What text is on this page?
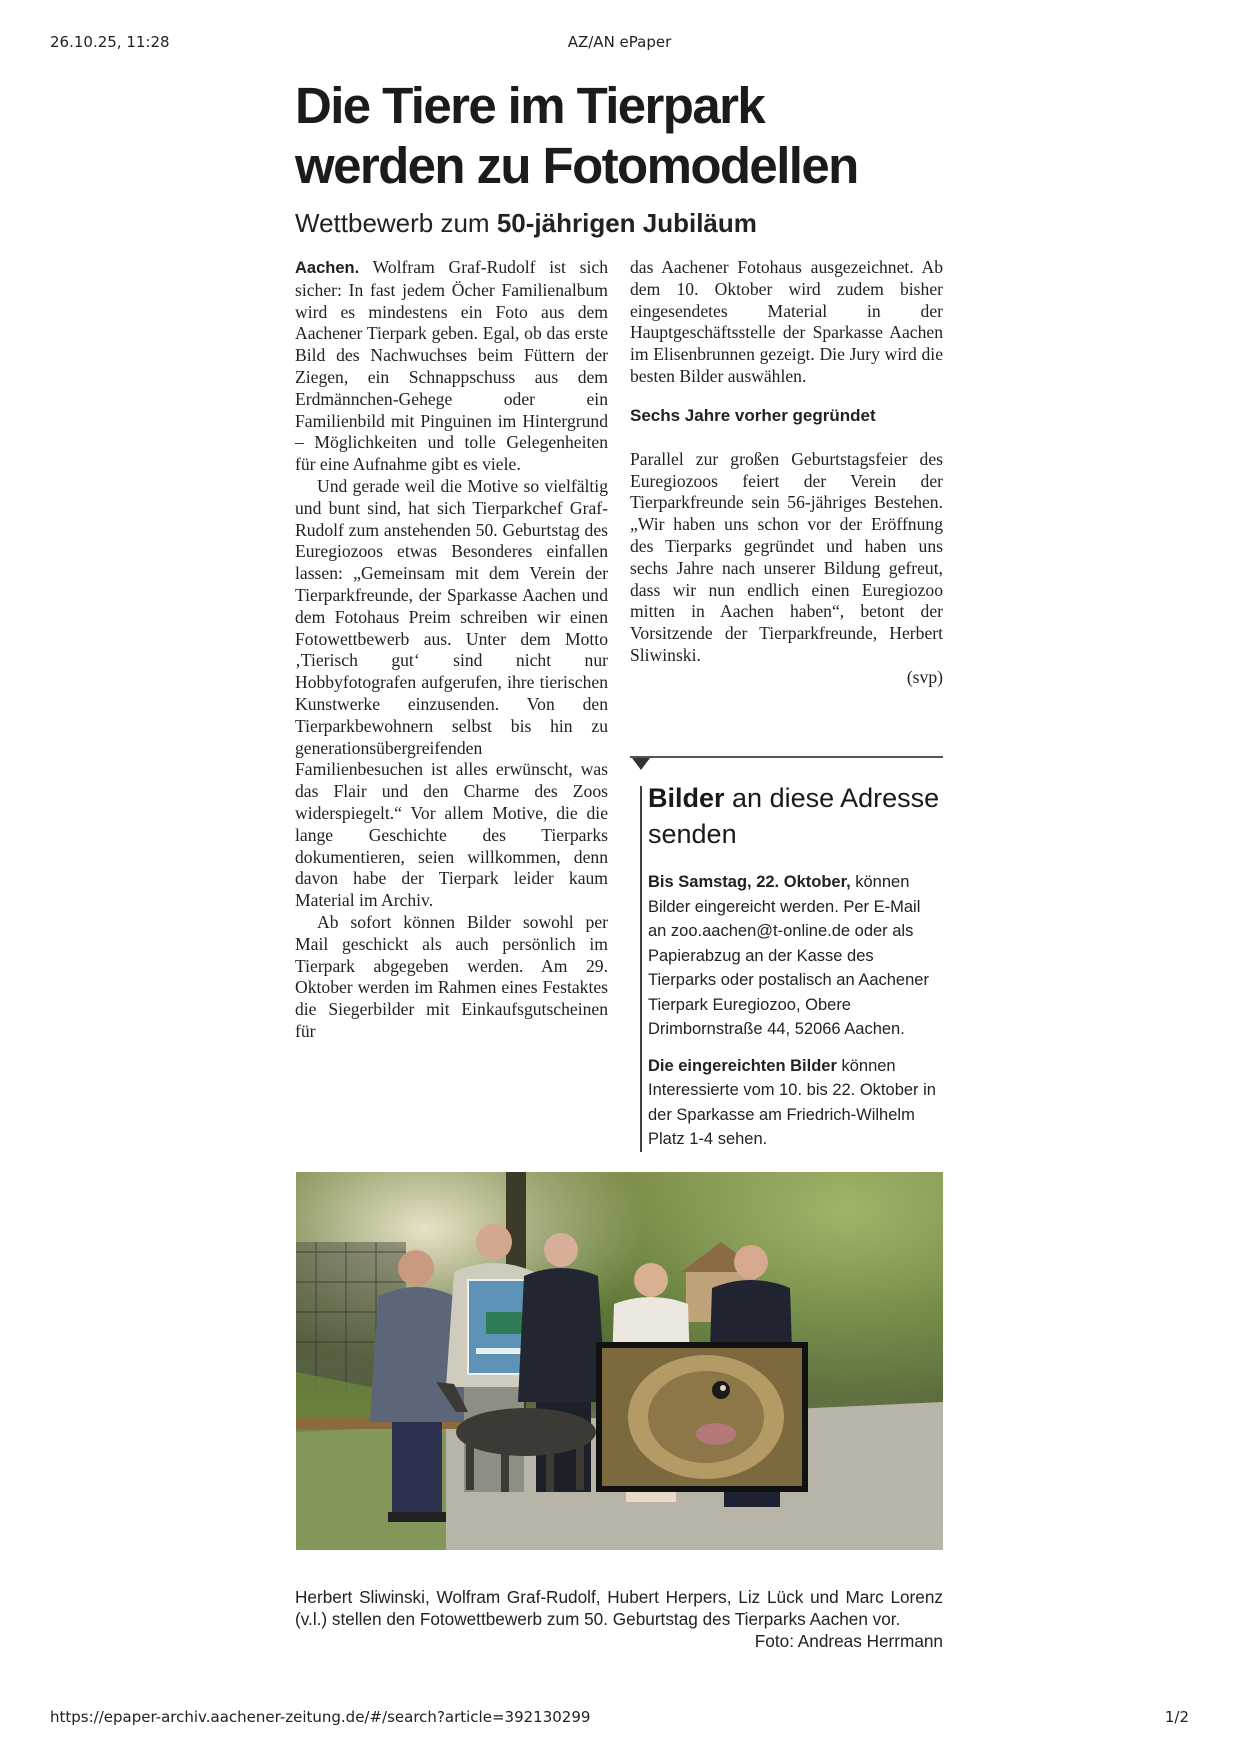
26.10.25, 11:28	AZ/AN ePaper
Die Tiere im Tierpark
werden zu Fotomodellen
Wettbewerb zum 50-jährigen Jubiläum

Aachen. Wolfram Graf-Rudolf ist sich sicher: In fast jedem Öcher Familienalbum wird es mindestens ein Foto aus dem Aachener Tierpark geben. Egal, ob das erste Bild des Nachwuchses beim Füttern der Ziegen, ein Schnappschuss aus dem Erdmännchen-Gehege oder ein Familienbild mit Pinguinen im Hintergrund – Möglichkeiten und tolle Gelegenheiten für eine Aufnahme gibt es viele.

Und gerade weil die Motive so vielfältig und bunt sind, hat sich Tierparkchef Graf-Rudolf zum anstehenden 50. Geburtstag des Euregiozoos etwas Besonderes einfallen lassen: „Gemeinsam mit dem Verein der Tierparkfreunde, der Sparkasse Aachen und dem Fotohaus Preim schreiben wir einen Fotowettbewerb aus. Unter dem Motto ‚Tierisch gut‘ sind nicht nur Hobbyfotografen aufgerufen, ihre tierischen Kunstwerke einzusenden. Von den Tierparkbewohnern selbst bis hin zu generationsübergreifenden Familienbesuchen ist alles erwünscht, was das Flair und den Charme des Zoos widerspiegelt.“ Vor allem Motive, die die lange Geschichte des Tierparks dokumentieren, seien willkommen, denn davon habe der Tierpark leider kaum Material im Archiv.

Ab sofort können Bilder sowohl per Mail geschickt als auch persönlich im Tierpark abgegeben werden. Am 29. Oktober werden im Rahmen eines Festaktes die Siegerbilder mit Einkaufsgutscheinen für

das Aachener Fotohaus ausgezeichnet. Ab dem 10. Oktober wird zudem bisher eingesendetes Material in der Hauptgeschäftsstelle der Sparkasse Aachen im Elisenbrunnen gezeigt. Die Jury wird die besten Bilder auswählen.

Sechs Jahre vorher gegründet

Parallel zur großen Geburtstagsfeier des Euregiozoos feiert der Verein der Tierparkfreunde sein 56-jähriges Bestehen. „Wir haben uns schon vor der Eröffnung des Tierparks gegründet und haben uns sechs Jahre nach unserer Bildung gefreut, dass wir nun endlich einen Euregiozoo mitten in Aachen haben“, betont der Vorsitzende der Tierparkfreunde, Herbert Sliwinski.

(svp)

Bilder an diese Adresse senden

Bis Samstag, 22. Oktober, können Bilder eingereicht werden. Per E-Mail an zoo.aachen@t-online.de oder als Papierabzug an der Kasse des Tierparks oder postalisch an Aachener Tierpark Euregiozoo, Obere Drimbornstraße 44, 52066 Aachen.

Die eingereichten Bilder können Interessierte vom 10. bis 22. Oktober in der Sparkasse am Friedrich-Wilhelm Platz 1-4 sehen.

Herbert Sliwinski, Wolfram Graf-Rudolf, Hubert Herpers, Liz Lück und Marc Lorenz (v.l.) stellen den Fotowettbewerb zum 50. Geburtstag des Tierparks Aachen vor.
Foto: Andreas Herrmann

https://epaper-archiv.aachener-zeitung.de/#/search?article=392130299	1/2
